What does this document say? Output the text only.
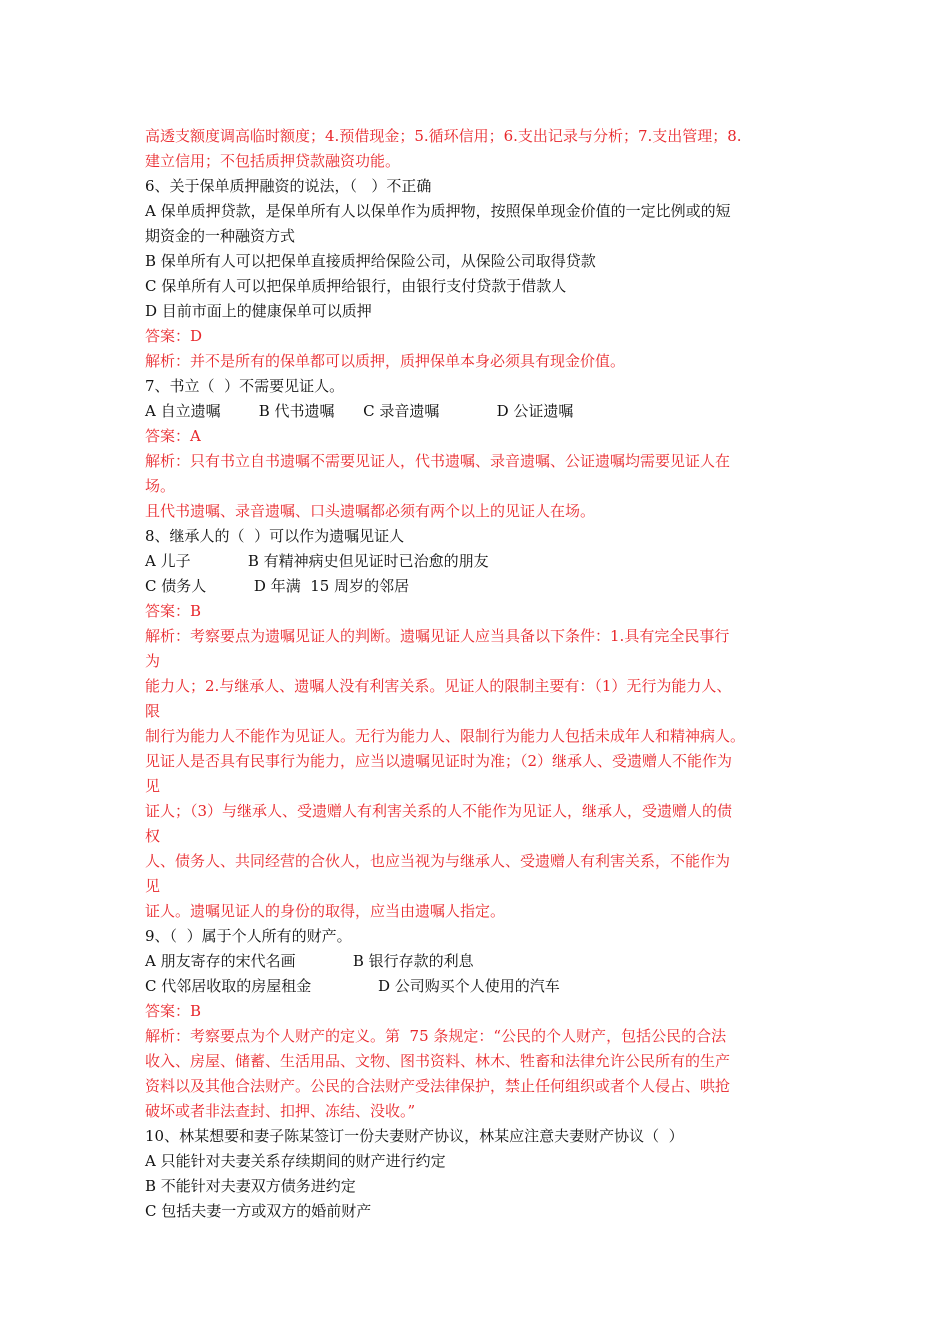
高透支额度调高临时额度；4.预借现金；5.循环信用；6.支出记录与分析；7.支出管理；8.
建立信用；不包括质押贷款融资功能。
6、关于保单质押融资的说法，（   ）不正确
A 保单质押贷款，是保单所有人以保单作为质押物，按照保单现金价值的一定比例或的短
期资金的一种融资方式
B 保单所有人可以把保单直接质押给保险公司，从保险公司取得贷款
C 保单所有人可以把保单质押给银行，由银行支付贷款于借款人
D 目前市面上的健康保单可以质押
答案：D
解析：并不是所有的保单都可以质押，质押保单本身必须具有现金价值。
7、书立（  ）不需要见证人。
A 自立遗嘱        B 代书遗嘱      C 录音遗嘱            D 公证遗嘱
答案：A
解析：只有书立自书遗嘱不需要见证人，代书遗嘱、录音遗嘱、公证遗嘱均需要见证人在
场。
且代书遗嘱、录音遗嘱、口头遗嘱都必须有两个以上的见证人在场。
8、继承人的（  ）可以作为遗嘱见证人
A 儿子            B 有精神病史但见证时已治愈的朋友
C 债务人          D 年满  15 周岁的邻居
答案：B
解析：考察要点为遗嘱见证人的判断。遗嘱见证人应当具备以下条件：1.具有完全民事行
为
能力人；2.与继承人、遗嘱人没有利害关系。见证人的限制主要有：（1）无行为能力人、
限
制行为能力人不能作为见证人。无行为能力人、限制行为能力人包括未成年人和精神病人。
见证人是否具有民事行为能力，应当以遗嘱见证时为准；（2）继承人、受遗赠人不能作为
见
证人；（3）与继承人、受遗赠人有利害关系的人不能作为见证人，继承人，受遗赠人的债
权
人、债务人、共同经营的合伙人，也应当视为与继承人、受遗赠人有利害关系，不能作为
见
证人。遗嘱见证人的身份的取得，应当由遗嘱人指定。
9、（  ）属于个人所有的财产。
A 朋友寄存的宋代名画            B 银行存款的利息
C 代邻居收取的房屋租金              D 公司购买个人使用的汽车
答案：B
解析：考察要点为个人财产的定义。第  75 条规定：“公民的个人财产，包括公民的合法
收入、房屋、储蓄、生活用品、文物、图书资料、林木、牲畜和法律允许公民所有的生产
资料以及其他合法财产。公民的合法财产受法律保护，禁止任何组织或者个人侵占、哄抢
破坏或者非法查封、扣押、冻结、没收。”
10、林某想要和妻子陈某签订一份夫妻财产协议，林某应注意夫妻财产协议（  ）
A 只能针对夫妻关系存续期间的财产进行约定
B 不能针对夫妻双方债务进约定
C 包括夫妻一方或双方的婚前财产
